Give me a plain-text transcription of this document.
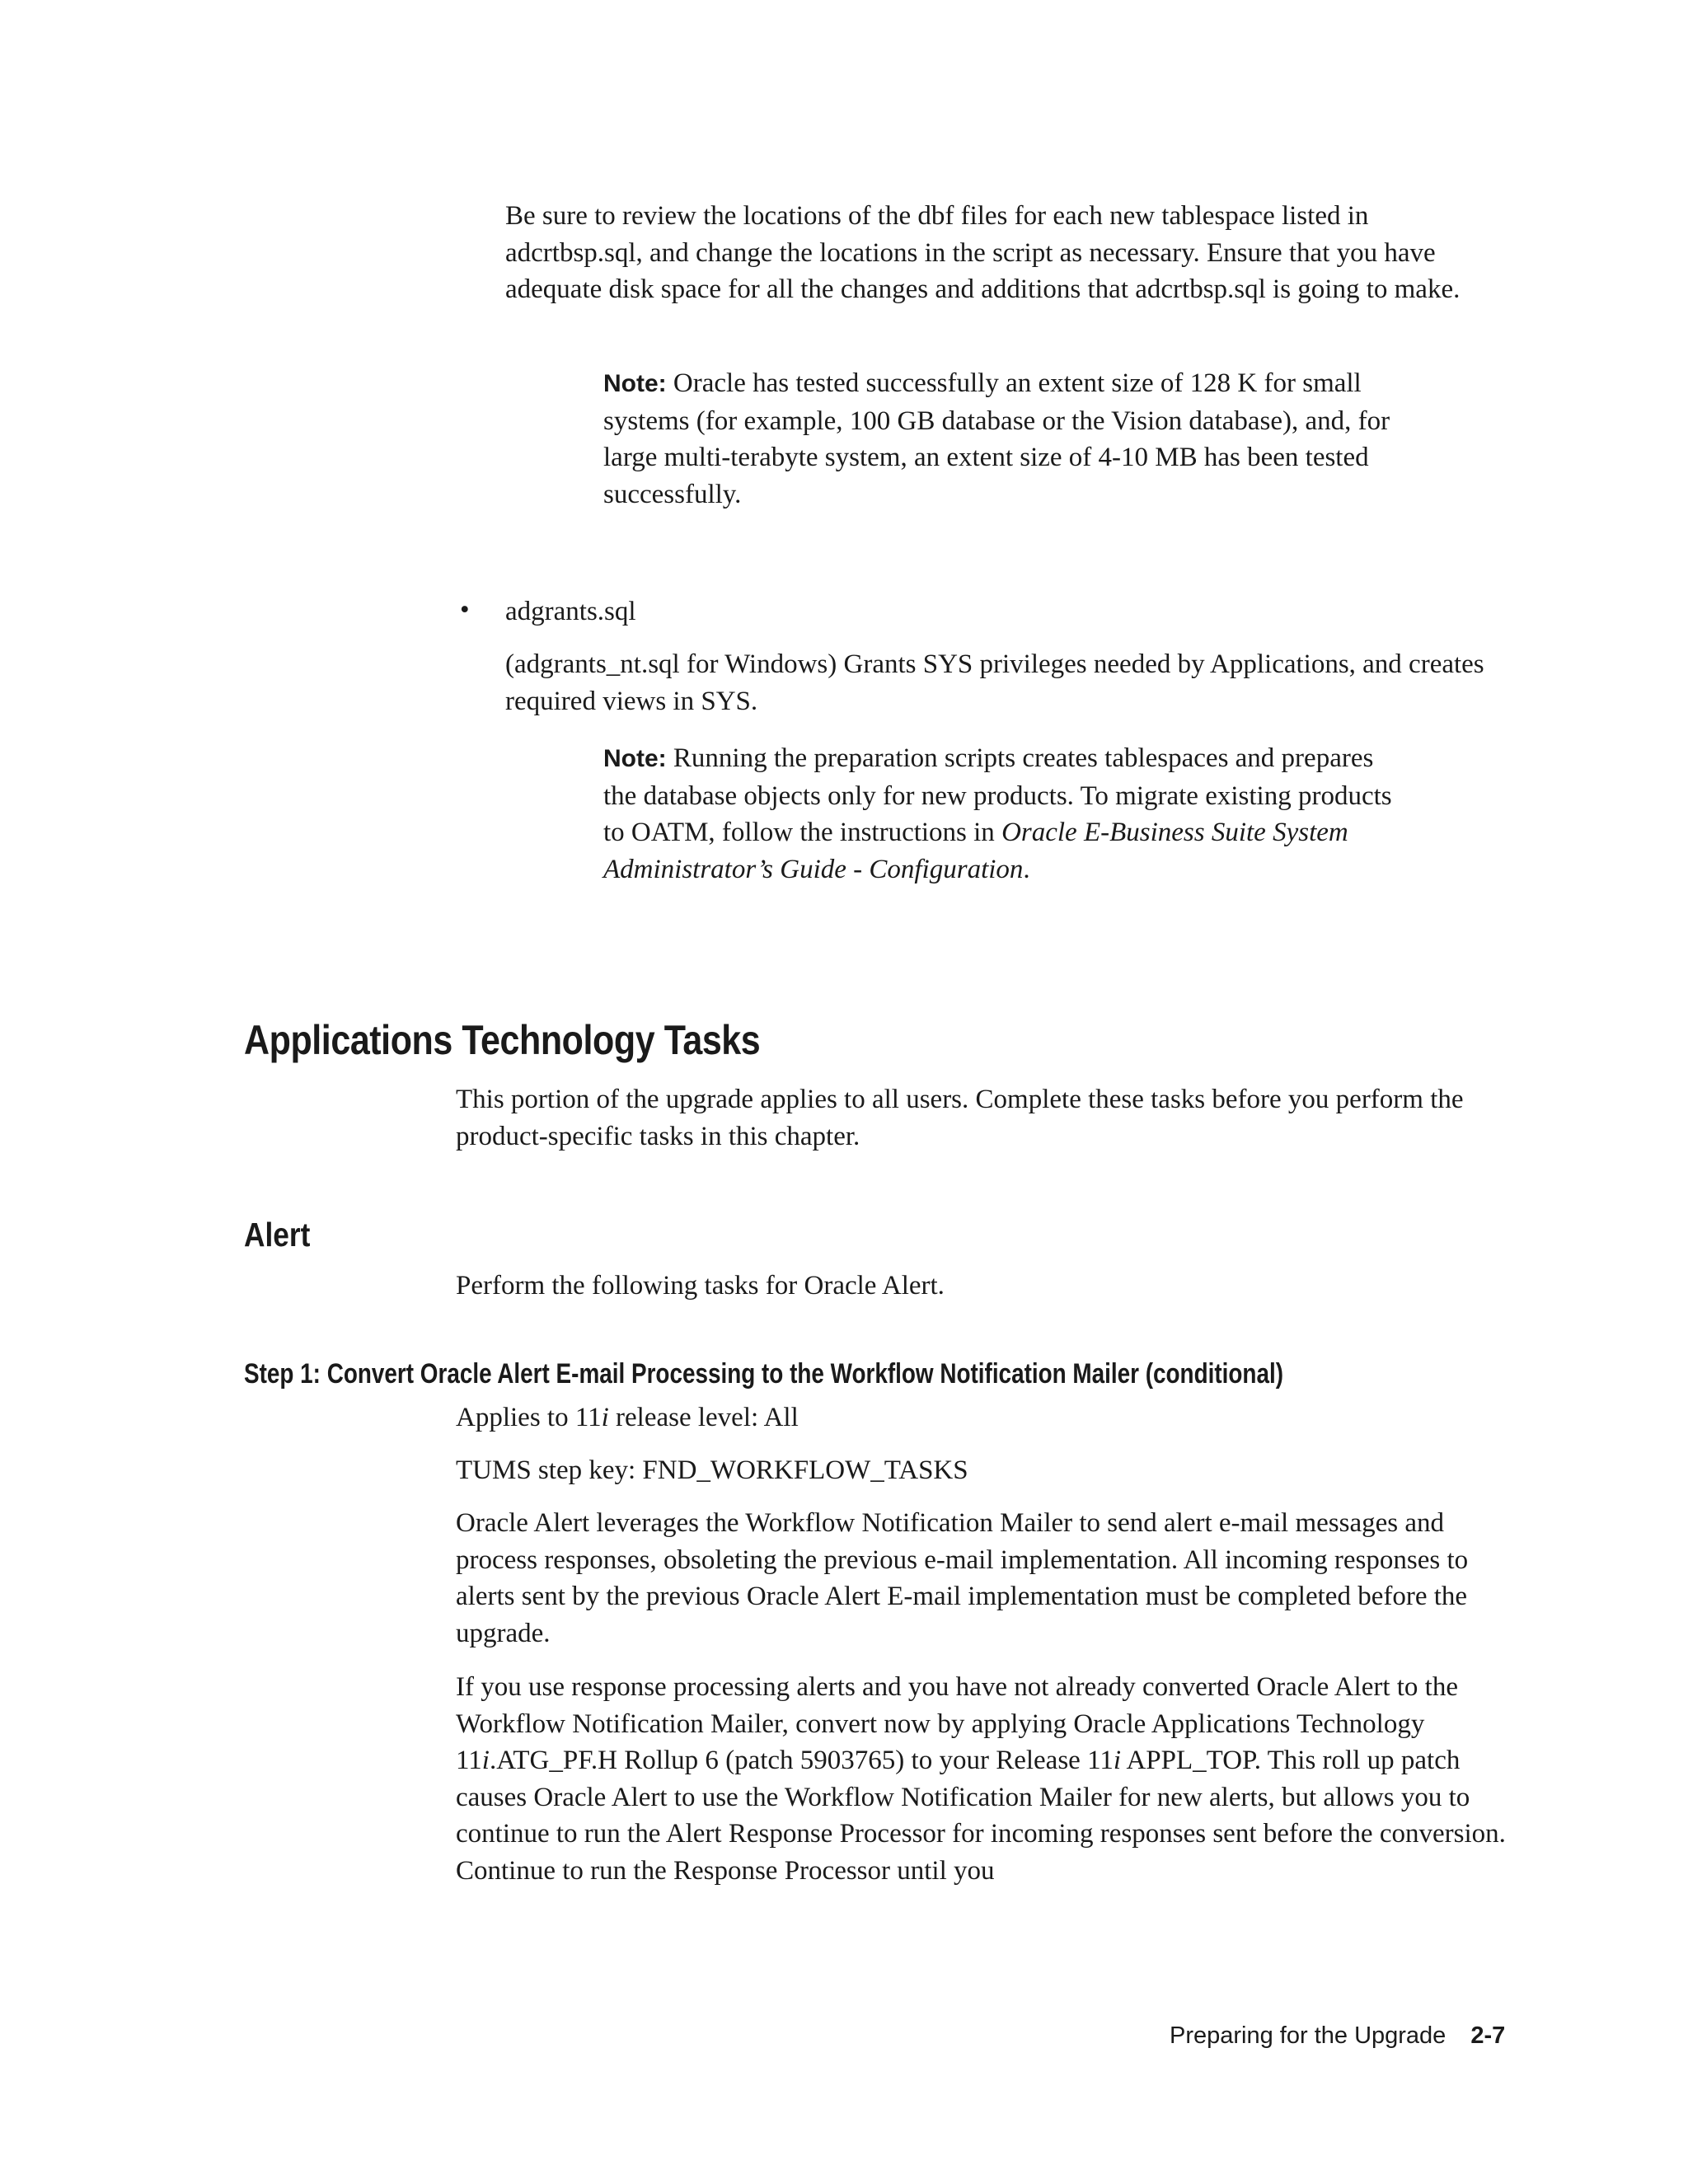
Be sure to review the locations of the dbf files for each new tablespace listed in adcrtbsp.sql, and change the locations in the script as necessary. Ensure that you have adequate disk space for all the changes and additions that adcrtbsp.sql is going to make.

Note: Oracle has tested successfully an extent size of 128 K for small systems (for example, 100 GB database or the Vision database), and, for large multi-terabyte system, an extent size of 4-10 MB has been tested successfully.

• adgrants.sql

(adgrants_nt.sql for Windows) Grants SYS privileges needed by Applications, and creates required views in SYS.

Note: Running the preparation scripts creates tablespaces and prepares the database objects only for new products. To migrate existing products to OATM, follow the instructions in Oracle E-Business Suite System Administrator’s Guide - Configuration.

Applications Technology Tasks

This portion of the upgrade applies to all users. Complete these tasks before you perform the product-specific tasks in this chapter.

Alert

Perform the following tasks for Oracle Alert.

Step 1: Convert Oracle Alert E-mail Processing to the Workflow Notification Mailer (conditional)

Applies to 11i release level: All

TUMS step key: FND_WORKFLOW_TASKS

Oracle Alert leverages the Workflow Notification Mailer to send alert e-mail messages and process responses, obsoleting the previous e-mail implementation. All incoming responses to alerts sent by the previous Oracle Alert E-mail implementation must be completed before the upgrade.

If you use response processing alerts and you have not already converted Oracle Alert to the Workflow Notification Mailer, convert now by applying Oracle Applications Technology 11i.ATG_PF.H Rollup 6 (patch 5903765) to your Release 11i APPL_TOP. This roll up patch causes Oracle Alert to use the Workflow Notification Mailer for new alerts, but allows you to continue to run the Alert Response Processor for incoming responses sent before the conversion. Continue to run the Response Processor until you

Preparing for the Upgrade 2-7
